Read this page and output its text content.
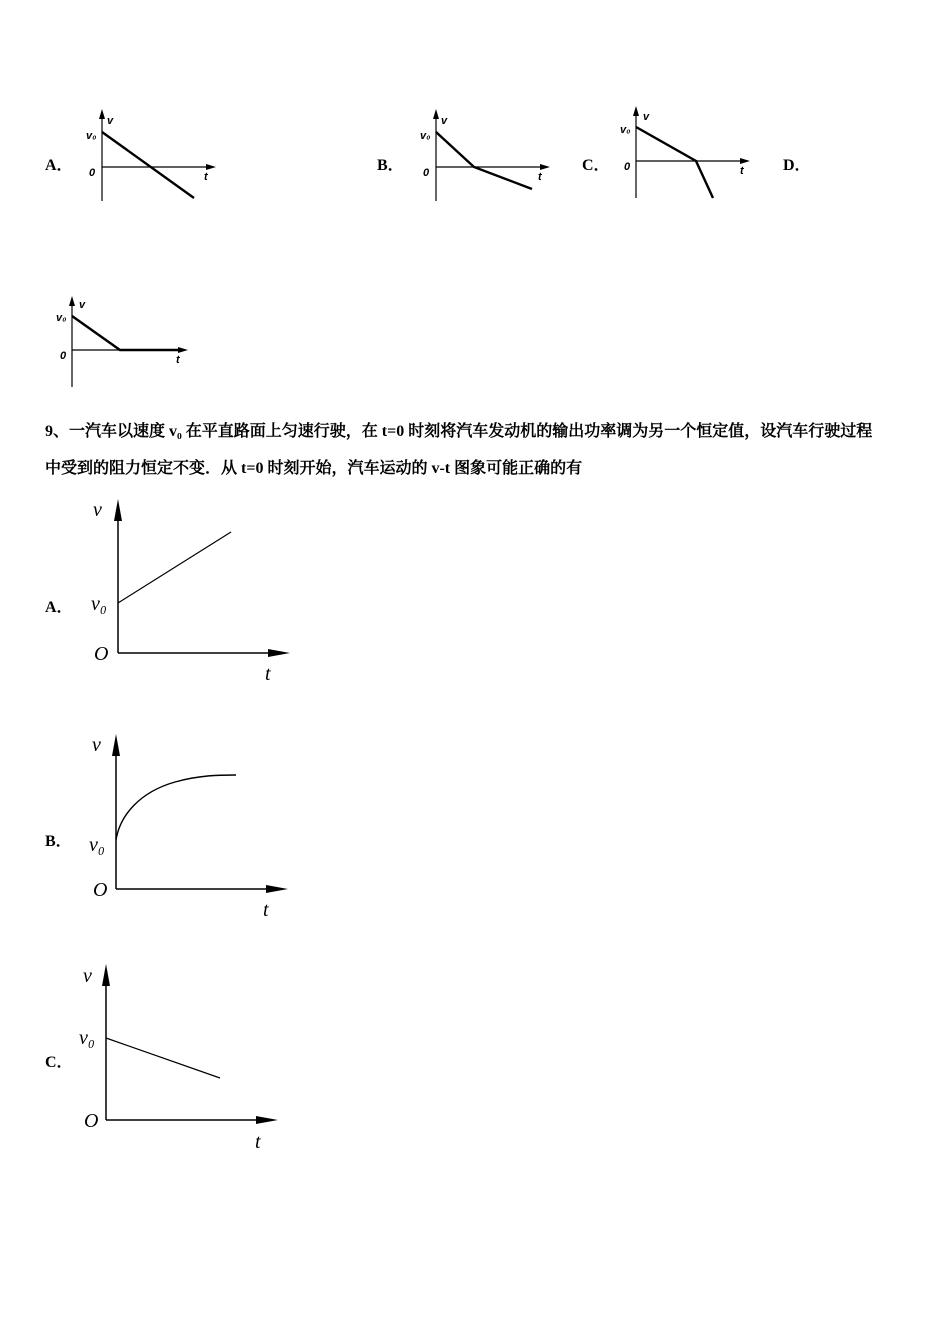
A．	B．	C．	D．
v
v₀
0	t
v
v₀
0	t
v
v₀
0	t
v
v₀
0	t
9、一汽车以速度 v₀ 在平直路面上匀速行驶，在 t=0 时刻将汽车发动机的输出功率调为另一个恒定值，设汽车行驶过程
中受到的阻力恒定不变．从 t=0 时刻开始，汽车运动的 v-t 图象可能正确的有
A．
B．
C．
v
v₀
O
t
v
v₀
O
t
v
v₀
O
t
